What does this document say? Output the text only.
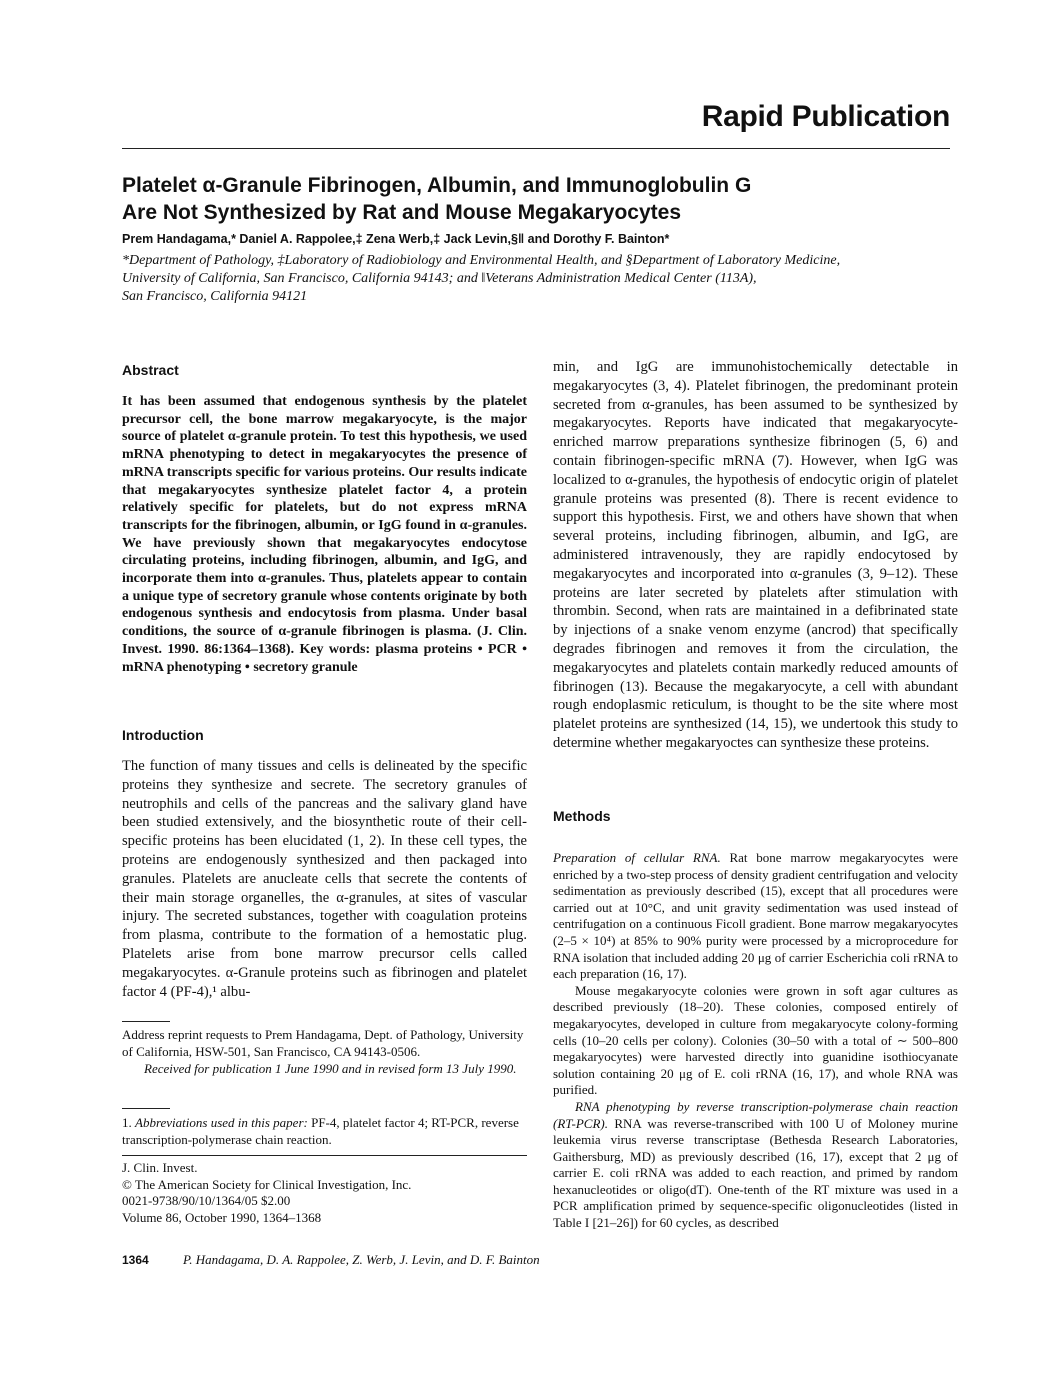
Rapid Publication
Platelet α-Granule Fibrinogen, Albumin, and Immunoglobulin G
Are Not Synthesized by Rat and Mouse Megakaryocytes
Prem Handagama,* Daniel A. Rappolee,‡ Zena Werb,‡ Jack Levin,§‖ and Dorothy F. Bainton*
*Department of Pathology, ‡Laboratory of Radiobiology and Environmental Health, and §Department of Laboratory Medicine,
University of California, San Francisco, California 94143; and ‖Veterans Administration Medical Center (113A),
San Francisco, California 94121
Abstract
It has been assumed that endogenous synthesis by the platelet precursor cell, the bone marrow megakaryocyte, is the major source of platelet α-granule protein. To test this hypothesis, we used mRNA phenotyping to detect in megakaryocytes the presence of mRNA transcripts specific for various proteins. Our results indicate that megakaryocytes synthesize platelet factor 4, a protein relatively specific for platelets, but do not express mRNA transcripts for the fibrinogen, albumin, or IgG found in α-granules. We have previously shown that megakaryocytes endocytose circulating proteins, including fibrinogen, albumin, and IgG, and incorporate them into α-granules. Thus, platelets appear to contain a unique type of secretory granule whose contents originate by both endogenous synthesis and endocytosis from plasma. Under basal conditions, the source of α-granule fibrinogen is plasma. (J. Clin. Invest. 1990. 86:1364–1368). Key words: plasma proteins • PCR • mRNA phenotyping • secretory granule
Introduction
The function of many tissues and cells is delineated by the specific proteins they synthesize and secrete. The secretory granules of neutrophils and cells of the pancreas and the salivary gland have been studied extensively, and the biosynthetic route of their cell-specific proteins has been elucidated (1, 2). In these cell types, the proteins are endogenously synthesized and then packaged into granules. Platelets are anucleate cells that secrete the contents of their main storage organelles, the α-granules, at sites of vascular injury. The secreted substances, together with coagulation proteins from plasma, contribute to the formation of a hemostatic plug. Platelets arise from bone marrow precursor cells called megakaryocytes. α-Granule proteins such as fibrinogen and platelet factor 4 (PF-4),¹ albu-
Address reprint requests to Prem Handagama, Dept. of Pathology, University of California, HSW-501, San Francisco, CA 94143-0506.
Received for publication 1 June 1990 and in revised form 13 July 1990.
1. Abbreviations used in this paper: PF-4, platelet factor 4; RT-PCR, reverse transcription-polymerase chain reaction.
J. Clin. Invest.
© The American Society for Clinical Investigation, Inc.
0021-9738/90/10/1364/05 $2.00
Volume 86, October 1990, 1364–1368
min, and IgG are immunohistochemically detectable in megakaryocytes (3, 4). Platelet fibrinogen, the predominant protein secreted from α-granules, has been assumed to be synthesized by megakaryocytes. Reports have indicated that megakaryocyte-enriched marrow preparations synthesize fibrinogen (5, 6) and contain fibrinogen-specific mRNA (7). However, when IgG was localized to α-granules, the hypothesis of endocytic origin of platelet granule proteins was presented (8). There is recent evidence to support this hypothesis. First, we and others have shown that when several proteins, including fibrinogen, albumin, and IgG, are administered intravenously, they are rapidly endocytosed by megakaryocytes and incorporated into α-granules (3, 9–12). These proteins are later secreted by platelets after stimulation with thrombin. Second, when rats are maintained in a defibrinated state by injections of a snake venom enzyme (ancrod) that specifically degrades fibrinogen and removes it from the circulation, the megakaryocytes and platelets contain markedly reduced amounts of fibrinogen (13). Because the megakaryocyte, a cell with abundant rough endoplasmic reticulum, is thought to be the site where most platelet proteins are synthesized (14, 15), we undertook this study to determine whether megakaryoctes can synthesize these proteins.
Methods

Preparation of cellular RNA. Rat bone marrow megakaryocytes were enriched by a two-step process of density gradient centrifugation and velocity sedimentation as previously described (15), except that all procedures were carried out at 10°C, and unit gravity sedimentation was used instead of centrifugation on a continuous Ficoll gradient. Bone marrow megakaryocytes (2–5 × 10⁴) at 85% to 90% purity were processed by a microprocedure for RNA isolation that included adding 20 μg of carrier Escherichia coli rRNA to each preparation (16, 17).

Mouse megakaryocyte colonies were grown in soft agar cultures as described previously (18–20). These colonies, composed entirely of megakaryocytes, developed in culture from megakaryocyte colony-forming cells (10–20 cells per colony). Colonies (30–50 with a total of ∼ 500–800 megakaryocytes) were harvested directly into guanidine isothiocyanate solution containing 20 μg of E. coli rRNA (16, 17), and whole RNA was purified.

RNA phenotyping by reverse transcription-polymerase chain reaction (RT-PCR). RNA was reverse-transcribed with 100 U of Moloney murine leukemia virus reverse transcriptase (Bethesda Research Laboratories, Gaithersburg, MD) as previously described (16, 17), except that 2 μg of carrier E. coli rRNA was added to each reaction, and primed by random hexanucleotides or oligo(dT). One-tenth of the RT mixture was used in a PCR amplification primed by sequence-specific oligonucleotides (listed in Table I [21–26]) for 60 cycles, as described

1364	P. Handagama, D. A. Rappolee, Z. Werb, J. Levin, and D. F. Bainton
